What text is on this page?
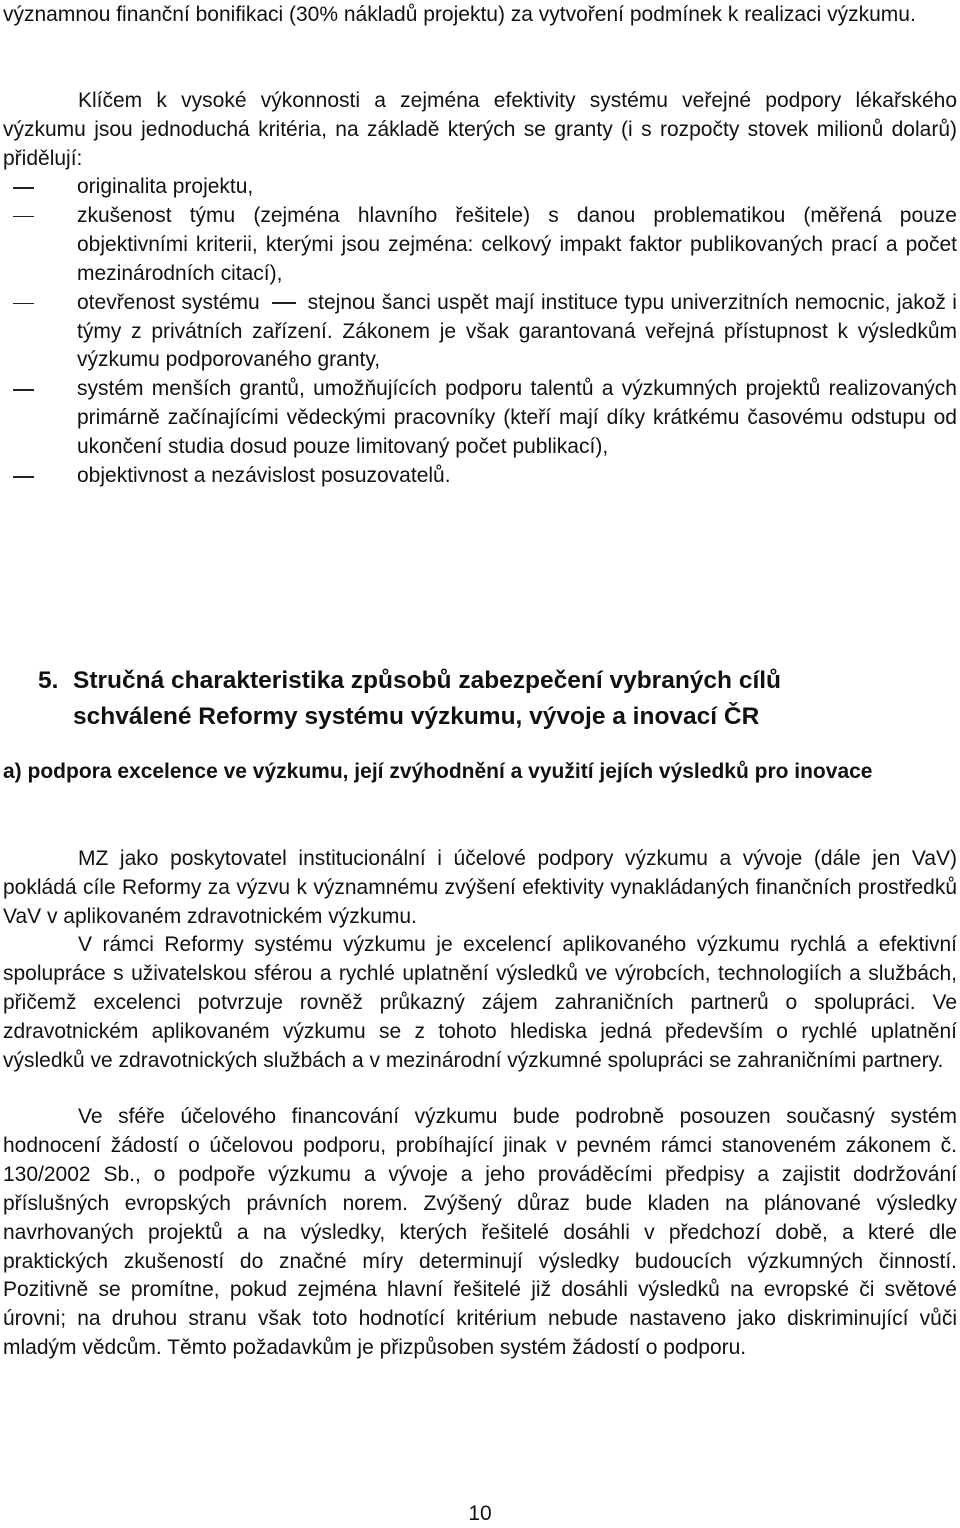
významnou finanční bonifikaci (30% nákladů projektu) za vytvoření podmínek k realizaci výzkumu.

Klíčem k vysoké výkonnosti a zejména efektivity systému veřejné podpory lékařského výzkumu jsou jednoduchá kritéria, na základě kterých se granty (i s rozpočty stovek milionů dolarů) přidělují:

originalita projektu,
zkušenost týmu (zejména hlavního řešitele) s danou problematikou (měřená pouze objektivními kriterii, kterými jsou zejména: celkový impakt faktor publikovaných prací a počet mezinárodních citací),
otevřenost systému stejnou šanci uspět mají instituce typu univerzitních nemocnic, jakož i týmy z privátních zařízení. Zákonem je však garantovaná veřejná přístupnost k výsledkům výzkumu podporovaného granty,
systém menších grantů, umožňujících podporu talentů a výzkumných projektů realizovaných primárně začínajícími vědeckými pracovníky (kteří mají díky krátkému časovému odstupu od ukončení studia dosud pouze limitovaný počet publikací),
objektivnost a nezávislost posuzovatelů.
5. Stručná charakteristika způsobů zabezpečení vybraných cílů
schválené Reformy systému výzkumu, vývoje a inovací ČR

a) podpora excelence ve výzkumu, její zvýhodnění a využití jejích výsledků pro inovace

MZ jako poskytovatel institucionální i účelové podpory výzkumu a vývoje (dále jen VaV) pokládá cíle Reformy za výzvu k významnému zvýšení efektivity vynakládaných finančních prostředků VaV v aplikovaném zdravotnickém výzkumu.

V rámci Reformy systému výzkumu je excelencí aplikovaného výzkumu rychlá a efektivní spolupráce s uživatelskou sférou a rychlé uplatnění výsledků ve výrobcích, technologiích a službách, přičemž excelenci potvrzuje rovněž průkazný zájem zahraničních partnerů o spolupráci. Ve zdravotnickém aplikovaném výzkumu se z tohoto hlediska jedná především o rychlé uplatnění výsledků ve zdravotnických službách a v mezinárodní výzkumné spolupráci se zahraničními partnery.

Ve sféře účelového financování výzkumu bude podrobně posouzen současný systém hodnocení žádostí o účelovou podporu, probíhající jinak v pevném rámci stanoveném zákonem č. 130/2002 Sb., o podpoře výzkumu a vývoje a jeho prováděcími předpisy a zajistit dodržování příslušných evropských právních norem. Zvýšený důraz bude kladen na plánované výsledky navrhovaných projektů a na výsledky, kterých řešitelé dosáhli v předchozí době, a které dle praktických zkušeností do značné míry determinují výsledky budoucích výzkumných činností. Pozitivně se promítne, pokud zejména hlavní řešitelé již dosáhli výsledků na evropské či světové úrovni; na druhou stranu však toto hodnotící kritérium nebude nastaveno jako diskriminující vůči mladým vědcům. Těmto požadavkům je přizpůsoben systém žádostí o podporu.

10
